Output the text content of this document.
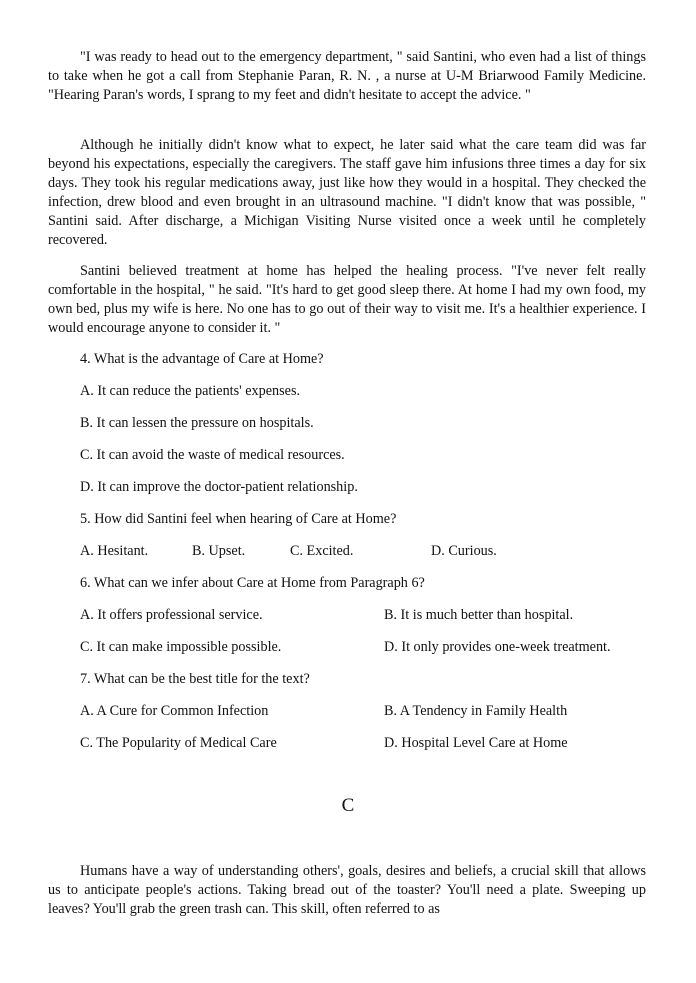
"I was ready to head out to the emergency department, " said Santini, who even had a list of things to take when he got a call from Stephanie Paran, R. N. , a nurse at U-M Briarwood Family Medicine. "Hearing Paran's words, I sprang to my feet and didn't hesitate to accept the advice. "

Although he initially didn't know what to expect, he later said what the care team did was far beyond his expectations, especially the caregivers. The staff gave him infusions three times a day for six days. They took his regular medications away, just like how they would in a hospital. They checked the infection, drew blood and even brought in an ultrasound machine. "I didn't know that was possible, " Santini said. After discharge, a Michigan Visiting Nurse visited once a week until he completely recovered.

Santini believed treatment at home has helped the healing process. "I've never felt really comfortable in the hospital, " he said. "It's hard to get good sleep there. At home I had my own food, my own bed, plus my wife is here. No one has to go out of their way to visit me. It's a healthier experience. I would encourage anyone to consider it. "

4. What is the advantage of Care at Home?

A. It can reduce the patients' expenses.

B. It can lessen the pressure on hospitals.

C. It can avoid the waste of medical resources.

D. It can improve the doctor-patient relationship.

5. How did Santini feel when hearing of Care at Home?

A. Hesitant.	B. Upset.	C. Excited.	D. Curious.

6. What can we infer about Care at Home from Paragraph 6?

A. It offers professional service.	B. It is much better than hospital.

C. It can make impossible possible.	D. It only provides one-week treatment.

7. What can be the best title for the text?

A. A Cure for Common Infection	B. A Tendency in Family Health

C. The Popularity of Medical Care	D. Hospital Level Care at Home

C

Humans have a way of understanding others', goals, desires and beliefs, a crucial skill that allows us to anticipate people's actions. Taking bread out of the toaster? You'll need a plate. Sweeping up leaves? You'll grab the green trash can. This skill, often referred to as
